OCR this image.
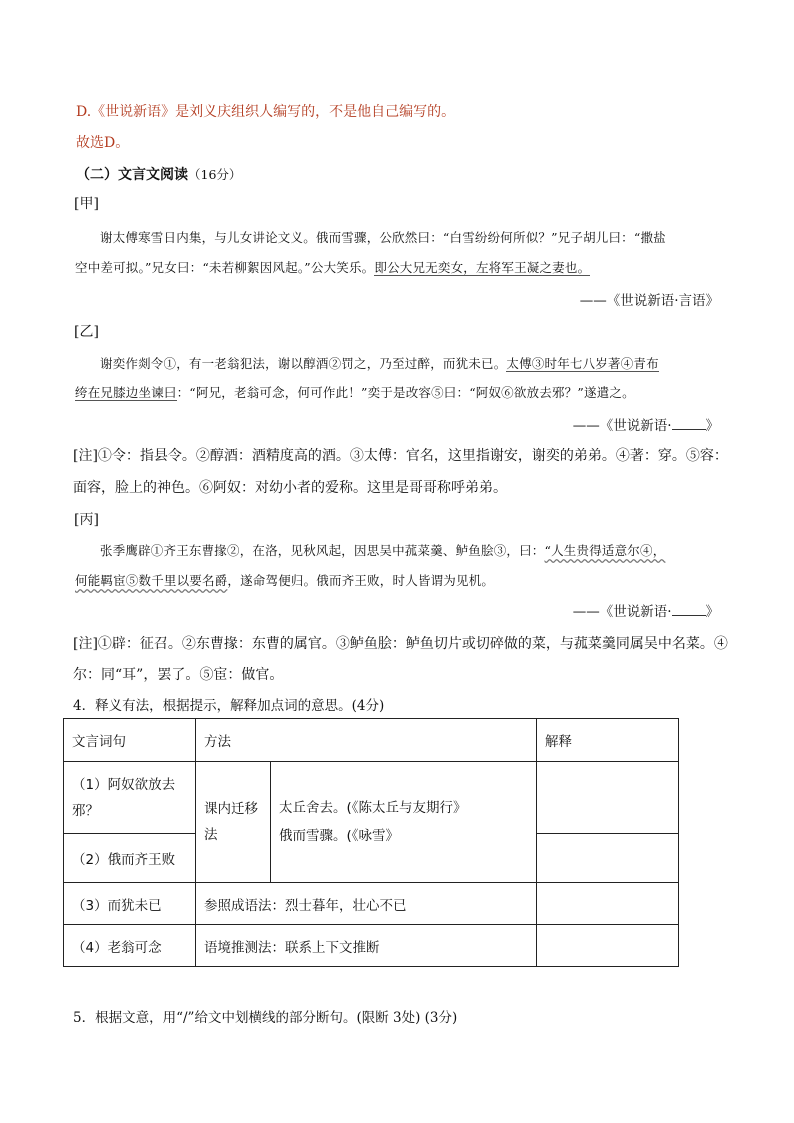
D.《世说新语》是刘义庆组织人编写的，不是他自己编写的。
故选D。
（二）文言文阅读（16分）
[甲]
谢太傅寒雪日内集，与儿女讲论文义。俄而雪骤，公欣然曰：“白雪纷纷何所似？”兄子胡儿曰：“撒盐
空中差可拟。”兄女曰：“未若柳絮因风起。”公大笑乐。即公大兄无奕女，左将军王凝之妻也。
——《世说新语·言语》
[乙]
谢奕作剡令①，有一老翁犯法，谢以醇酒②罚之，乃至过醉，而犹未已。太傅③时年七八岁著④青布
绔在兄膝边坐谏曰：“阿兄，老翁可念，何可作此！”奕于是改容⑤曰：“阿奴⑥欲放去邪？”遂遣之。
——《世说新语·	》
[注]①令：指县令。②醇酒：酒精度高的酒。③太傅：官名，这里指谢安，谢奕的弟弟。④著：穿。⑤容：
面容，脸上的神色。⑥阿奴：对幼小者的爱称。这里是哥哥称呼弟弟。
[丙]
张季鹰辟①齐王东曹掾②，在洛，见秋风起，因思吴中菰菜羹、鲈鱼脍③，曰：“人生贵得适意尔④，
何能羁宦⑤数千里以要名爵，遂命驾便归。俄而齐王败，时人皆谓为见机。
——《世说新语·	》
[注]①辟：征召。②东曹掾：东曹的属官。③鲈鱼脍：鲈鱼切片或切碎做的菜，与菰菜羹同属吴中名菜。④
尔：同“耳”，罢了。⑤宦：做官。
4．释义有法，根据提示，解释加点词的意思。(4分)
文言词句	方法		解释
（1）阿奴欲放去邪？	课内迁移法	太丘舍去。(《陈太丘与友期行》
俄而雪骤。(《咏雪》	

（2）俄而齐王败			
（3）而犹未已	参照成语法：烈士暮年，壮心不已		
（4）老翁可念	语境推测法：联系上下文推断		
5．根据文意，用“/”给文中划横线的部分断句。(限断 3处) (3分)
